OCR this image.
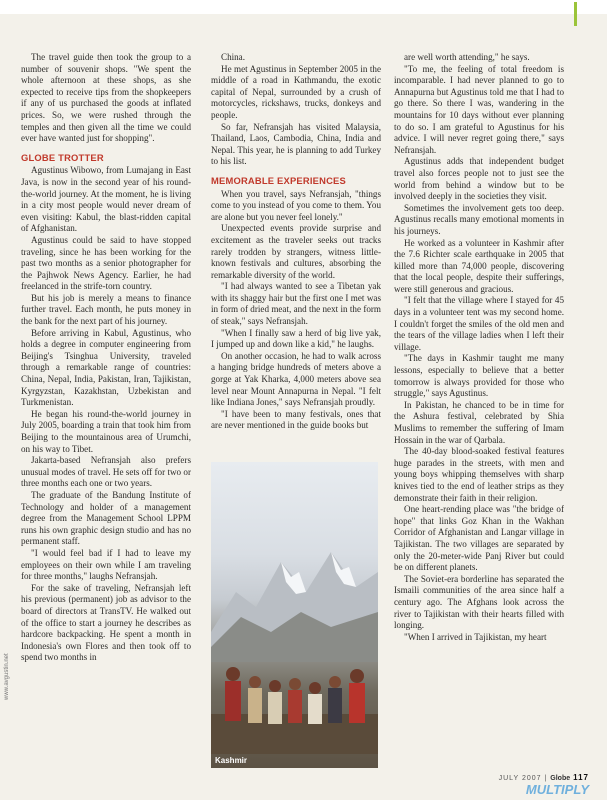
The travel guide then took the group to a number of souvenir shops. "We spent the whole afternoon at these shops, as she expected to receive tips from the shopkeepers if any of us purchased the goods at inflated prices. So, we were rushed through the temples and then given all the time we could ever have wanted just for shopping".

GLOBE TROTTER

Agustinus Wibowo, from Lumajang in East Java, is now in the second year of his round-the-world journey. At the moment, he is living in a city most people would never dream of even visiting: Kabul, the blast-ridden capital of Afghanistan.

Agustinus could be said to have stopped traveling, since he has been working for the past two months as a senior photographer for the Pajhwok News Agency. Earlier, he had freelanced in the strife-torn country.

But his job is merely a means to finance further travel. Each month, he puts money in the bank for the next part of his journey.

Before arriving in Kabul, Agustinus, who holds a degree in computer engineering from Beijing's Tsinghua University, traveled through a remarkable range of countries: China, Nepal, India, Pakistan, Iran, Tajikistan, Kyrgyzstan, Kazakhstan, Uzbekistan and Turkmenistan.

He began his round-the-world journey in July 2005, boarding a train that took him from Beijing to the mountainous area of Urumchi, on his way to Tibet.

Jakarta-based Nefransjah also prefers unusual modes of travel. He sets off for two or three months each one or two years.

The graduate of the Bandung Institute of Technology and holder of a management degree from the Management School LPPM runs his own graphic design studio and has no permanent staff.

"I would feel bad if I had to leave my employees on their own while I am traveling for three months," laughs Nefransjah.

For the sake of traveling, Nefransjah left his previous (permanent) job as advisor to the board of directors at TransTV. He walked out of the office to start a journey he describes as hardcore backpacking. He spent a month in Indonesia's own Flores and then took off to spend two months in

China.

He met Agustinus in September 2005 in the middle of a road in Kathmandu, the exotic capital of Nepal, surrounded by a crush of motorcycles, rickshaws, trucks, donkeys and people.

So far, Nefransjah has visited Malaysia, Thailand, Laos, Cambodia, China, India and Nepal. This year, he is planning to add Turkey to his list.

MEMORABLE EXPERIENCES

When you travel, says Nefransjah, "things come to you instead of you come to them. You are alone but you never feel lonely."

Unexpected events provide surprise and excitement as the traveler seeks out tracks rarely trodden by strangers, witness little-known festivals and cultures, absorbing the remarkable diversity of the world.

"I had always wanted to see a Tibetan yak with its shaggy hair but the first one I met was in form of dried meat, and the next in the form of steak," says Nefransjah.

"When I finally saw a herd of big live yak, I jumped up and down like a kid," he laughs.

On another occasion, he had to walk across a hanging bridge hundreds of meters above a gorge at Yak Kharka, 4,000 meters above sea level near Mount Annapurna in Nepal. "I felt like Indiana Jones," says Nefransjah proudly.

"I have been to many festivals, ones that are never mentioned in the guide books but

Kashmir

are well worth attending," he says.

"To me, the feeling of total freedom is incomparable. I had never planned to go to Annapurna but Agustinus told me that I had to go there. So there I was, wandering in the mountains for 10 days without ever planning to do so. I am grateful to Agustinus for his advice. I will never regret going there," says Nefransjah.

Agustinus adds that independent budget travel also forces people not to just see the world from behind a window but to be involved deeply in the societies they visit.

Sometimes the involvement gets too deep. Agustinus recalls many emotional moments in his journeys.

He worked as a volunteer in Kashmir after the 7.6 Richter scale earthquake in 2005 that killed more than 74,000 people, discovering that the local people, despite their sufferings, were still generous and gracious.

"I felt that the village where I stayed for 45 days in a volunteer tent was my second home. I couldn't forget the smiles of the old men and the tears of the village ladies when I left their village.

"The days in Kashmir taught me many lessons, especially to believe that a better tomorrow is always provided for those who struggle," says Agustinus.

In Pakistan, he chanced to be in time for the Ashura festival, celebrated by Shia Muslims to remember the suffering of Imam Hossain in the war of Qarbala.

The 40-day blood-soaked festival features huge parades in the streets, with men and young boys whipping themselves with sharp knives tied to the end of leather strips as they demonstrate their faith in their religion.

One heart-rending place was "the bridge of hope" that links Goz Khan in the Wakhan Corridor of Afghanistan and Langar village in Tajikistan. The two villages are separated by only the 20-meter-wide Panj River but could be on different planets.

The Soviet-era borderline has separated the Ismaili communities of the area since half a century ago. The Afghans look across the river to Tajikistan with their hearts filled with longing.

"When I arrived in Tajikistan, my heart

www.avgustin.net
JULY 2007 | Globe 117
MULTIPLY
